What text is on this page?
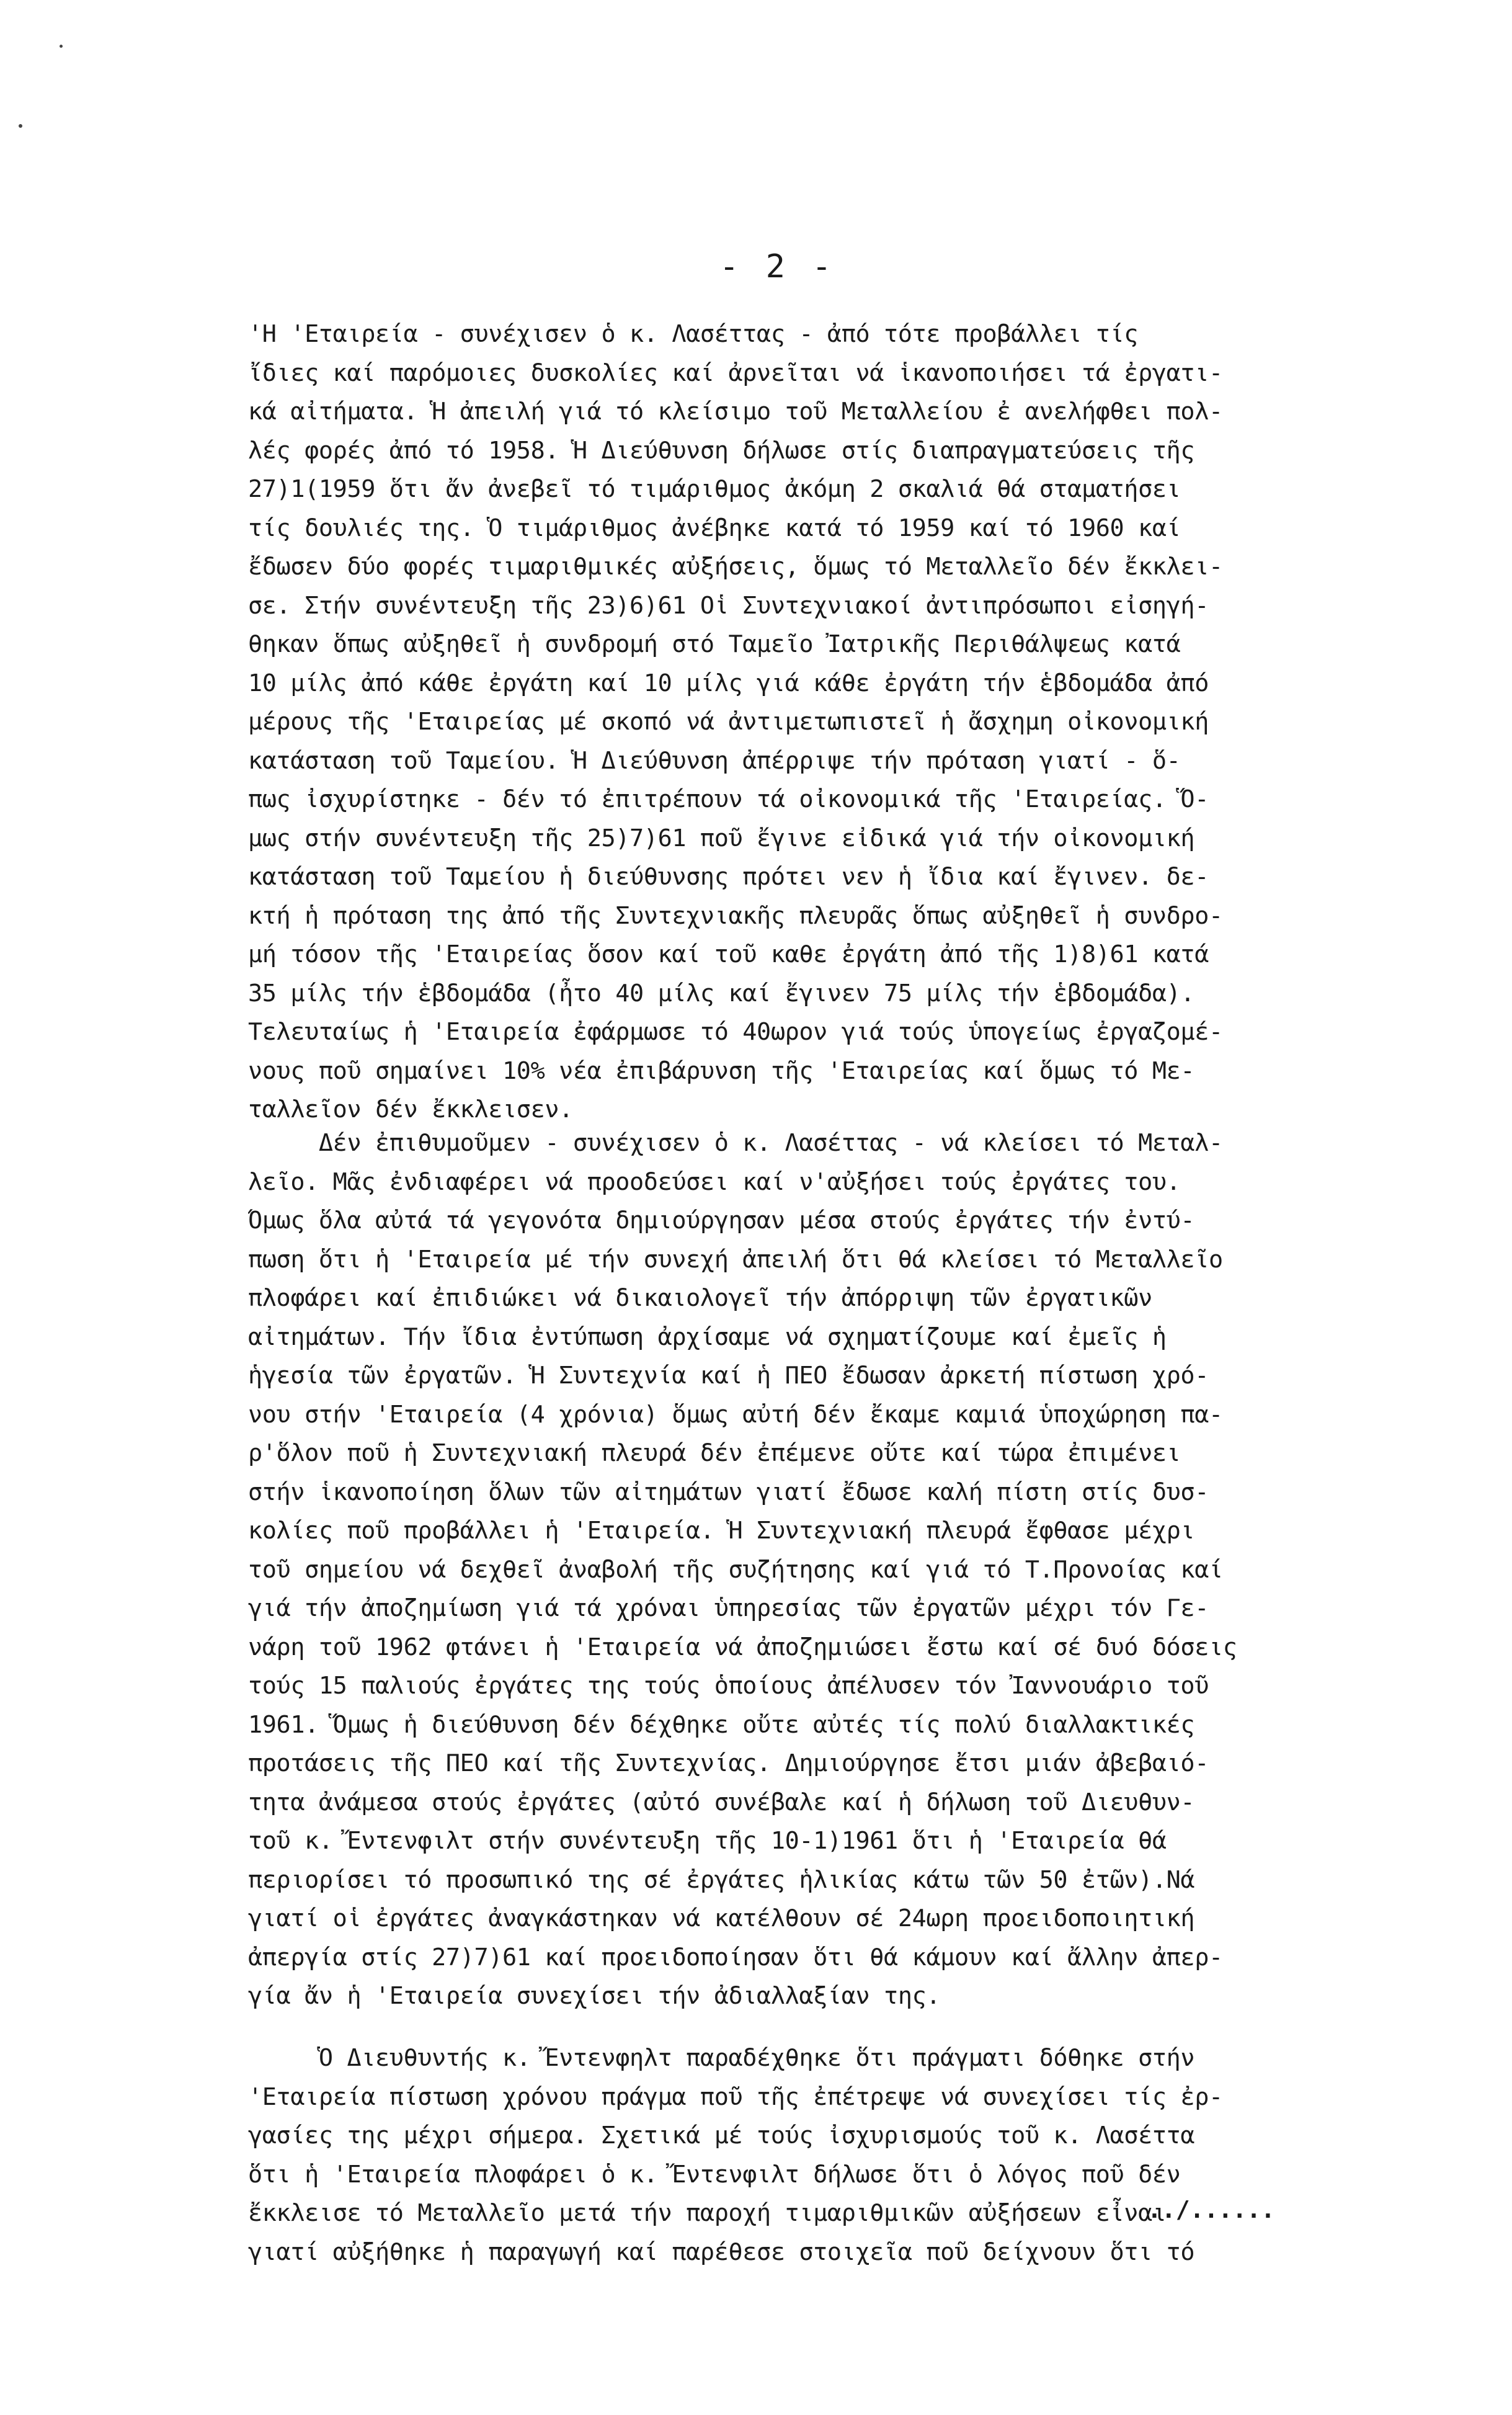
- 2 -
'Η 'Εταιρεία - συνέχισεν ὁ κ. Λασέττας - ἀπό τότε προβάλλει τίς
ἴδιες καί παρόμοιες δυσκολίες καί ἀρνεῖται νά ἱκανοποιήσει τά ἐργατι-
κά αἰτήματα. Ἡ ἀπειλή γιά τό κλείσιμο τοῦ Μεταλλείου ἐ ανελήφθει πολ-
λές φορές ἀπό τό 1958. Ἡ Διεύθυνση δήλωσε στίς διαπραγματεύσεις τῆς
27)1(1959 ὅτι ἄν ἀνεβεῖ τό τιμάριθμος ἀκόμη 2 σκαλιά θά σταματήσει
τίς δουλιές της. Ὁ τιμάριθμος ἀνέβηκε κατά τό 1959 καί τό 1960 καί
ἔδωσεν δύο φορές τιμαριθμικές αὐξήσεις, ὅμως τό Μεταλλεῖο δέν ἔκκλει-
σε. Στήν συνέντευξη τῆς 23)6)61 Οἱ Συντεχνιακοί ἀντιπρόσωποι εἰσηγή-
θηκαν ὅπως αὐξηθεῖ ἡ συνδρομή στό Ταμεῖο Ἰατρικῆς Περιθάλψεως κατά
10 μίλς ἀπό κάθε ἐργάτη καί 10 μίλς γιά κάθε ἐργάτη τήν ἑβδομάδα ἀπό
μέρους τῆς 'Εταιρείας μέ σκοπό νά ἀντιμετωπιστεῖ ἡ ἄσχημη οἰκονομική
κατάσταση τοῦ Ταμείου. Ἡ Διεύθυνση ἀπέρριψε τήν πρόταση γιατί - ὅ-
πως ἰσχυρίστηκε - δέν τό ἐπιτρέπουν τά οἰκονομικά τῆς 'Εταιρείας. Ὅ-
μως στήν συνέντευξη τῆς 25)7)61 ποῦ ἔγινε εἰδικά γιά τήν οἰκονομική
κατάσταση τοῦ Ταμείου ἡ διεύθυνσης πρότει νεν ἡ ἴδια καί ἔγινεν. δε-
κτή ἡ πρόταση της ἀπό τῆς Συντεχνιακῆς πλευρᾶς ὅπως αὐξηθεῖ ἡ συνδρο-
μή τόσον τῆς 'Εταιρείας ὅσον καί τοῦ καθε ἐργάτη ἀπό τῆς 1)8)61 κατά
35 μίλς τήν ἑβδομάδα (ἦτο 40 μίλς καί ἔγινεν 75 μίλς τήν ἑβδομάδα).
Τελευταίως ἡ 'Εταιρεία ἐφάρμωσε τό 40ωρον γιά τούς ὑπογείως ἐργαζομέ-
νους ποῦ σημαίνει 10% νέα ἐπιβάρυνση τῆς 'Εταιρείας καί ὅμως τό Με-
ταλλεῖον δέν ἔκκλεισεν.
Δέν ἐπιθυμοῦμεν - συνέχισεν ὁ κ. Λασέττας - νά κλείσει τό Μεταλ-
λεῖο. Μᾶς ἐνδιαφέρει νά προοδεύσει καί ν'αὐξήσει τούς ἐργάτες του.
Ὅμως ὅλα αὐτά τά γεγονότα δημιούργησαν μέσα στούς ἐργάτες τήν ἐντύ-
πωση ὅτι ἡ 'Εταιρεία μέ τήν συνεχή ἀπειλή ὅτι θά κλείσει τό Μεταλλεῖο
πλοφάρει καί ἐπιδιώκει νά δικαιολογεῖ τήν ἀπόρριψη τῶν ἐργατικῶν
αἰτημάτων. Τήν ἴδια ἐντύπωση ἀρχίσαμε νά σχηματίζουμε καί ἐμεῖς ἡ
ἡγεσία τῶν ἐργατῶν. Ἡ Συντεχνία καί ἡ ΠΕΟ ἔδωσαν ἀρκετή πίστωση χρό-
νου στήν 'Εταιρεία (4 χρόνια) ὅμως αὐτή δέν ἔκαμε καμιά ὑποχώρηση πα-
ρ'ὅλον ποῦ ἡ Συντεχνιακή πλευρά δέν ἐπέμενε οὔτε καί τώρα ἐπιμένει
στήν ἱκανοποίηση ὅλων τῶν αἰτημάτων γιατί ἔδωσε καλή πίστη στίς δυσ-
κολίες ποῦ προβάλλει ἡ 'Εταιρεία. Ἡ Συντεχνιακή πλευρά ἔφθασε μέχρι
τοῦ σημείου νά δεχθεῖ ἀναβολή τῆς συζήτησης καί γιά τό Τ.Προνοίας καί
γιά τήν ἀποζημίωση γιά τά χρόναι ὑπηρεσίας τῶν ἐργατῶν μέχρι τόν Γε-
νάρη τοῦ 1962 φτάνει ἡ 'Εταιρεία νά ἀποζημιώσει ἔστω καί σέ δυό δόσεις
τούς 15 παλιούς ἐργάτες της τούς ὁποίους ἀπέλυσεν τόν Ἰαννουάριο τοῦ
1961. Ὅμως ἡ διεύθυνση δέν δέχθηκε οὔτε αὐτές τίς πολύ διαλλακτικές
προτάσεις τῆς ΠΕΟ καί τῆς Συντεχνίας. Δημιούργησε ἔτσι μιάν ἀβεβαιό-
τητα ἀνάμεσα στούς ἐργάτες (αὐτό συνέβαλε καί ἡ δήλωση τοῦ Διευθυν-
τοῦ κ. Ἔντενφιλτ στήν συνέντευξη τῆς 10-1)1961 ὅτι ἡ 'Εταιρεία θά
περιορίσει τό προσωπικό της σέ ἐργάτες ἡλικίας κάτω τῶν 50 ἐτῶν).Νά
γιατί οἱ ἐργάτες ἀναγκάστηκαν νά κατέλθουν σέ 24ωρη προειδοποιητική
ἀπεργία στίς 27)7)61 καί προειδοποίησαν ὅτι θά κάμουν καί ἄλλην ἀπερ-
γία ἄν ἡ 'Εταιρεία συνεχίσει τήν ἀδιαλλαξίαν της.
Ὁ Διευθυντής κ. Ἔντενφηλτ παραδέχθηκε ὅτι πράγματι δόθηκε στήν
'Εταιρεία πίστωση χρόνου πράγμα ποῦ τῆς ἐπέτρεψε νά συνεχίσει τίς ἐρ-
γασίες της μέχρι σήμερα. Σχετικά μέ τούς ἰσχυρισμούς τοῦ κ. Λασέττα
ὅτι ἡ 'Εταιρεία πλοφάρει ὁ κ. Ἔντενφιλτ δήλωσε ὅτι ὁ λόγος ποῦ δέν
ἔκκλεισε τό Μεταλλεῖο μετά τήν παροχή τιμαριθμικῶν αὐξήσεων εἶναι
γιατί αὐξήθηκε ἡ παραγωγή καί παρέθεσε στοιχεῖα ποῦ δείχνουν ὅτι τό
../......
